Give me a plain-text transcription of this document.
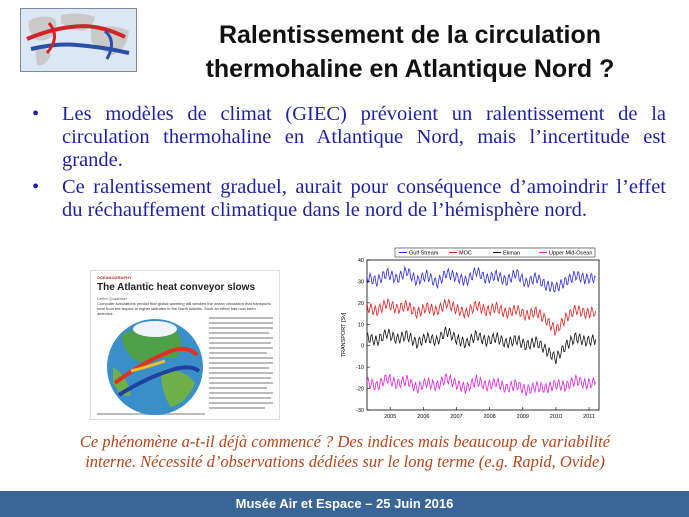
Ralentissement de la circulation
thermohaline en Atlantique Nord ?
• Les modèles de climat (GIEC) prévoient un ralentissement de la circulation thermohaline en Atlantique Nord, mais l’incertitude est grande.
• Ce ralentissement graduel, aurait pour conséquence d’amoindrir l’effet du réchauffement climatique dans le nord de l’hémisphère nord.
OCEANOGRAPHY
The Atlantic heat conveyor slows
Detlef Quadfasel
Computer simulations predict that global warming will weaken the ocean circulation that transports heat from the tropics to higher latitudes in the North Atlantic. Such an effect has now been detected.
Gulf Stream	MOC	Ekman	Upper Mid-Ocean
2005	2006	2007	2008	2009	2010	2011
-30
-20
-10
0
10
20
30
40
TRANSPORT [Sv]
Ce phénomène a-t-il déjà commencé ? Des indices mais beaucoup de variabilité
interne. Nécessité d’observations dédiées sur le long terme (e.g. Rapid, Ovide)
Musée Air et Espace – 25 Juin 2016
